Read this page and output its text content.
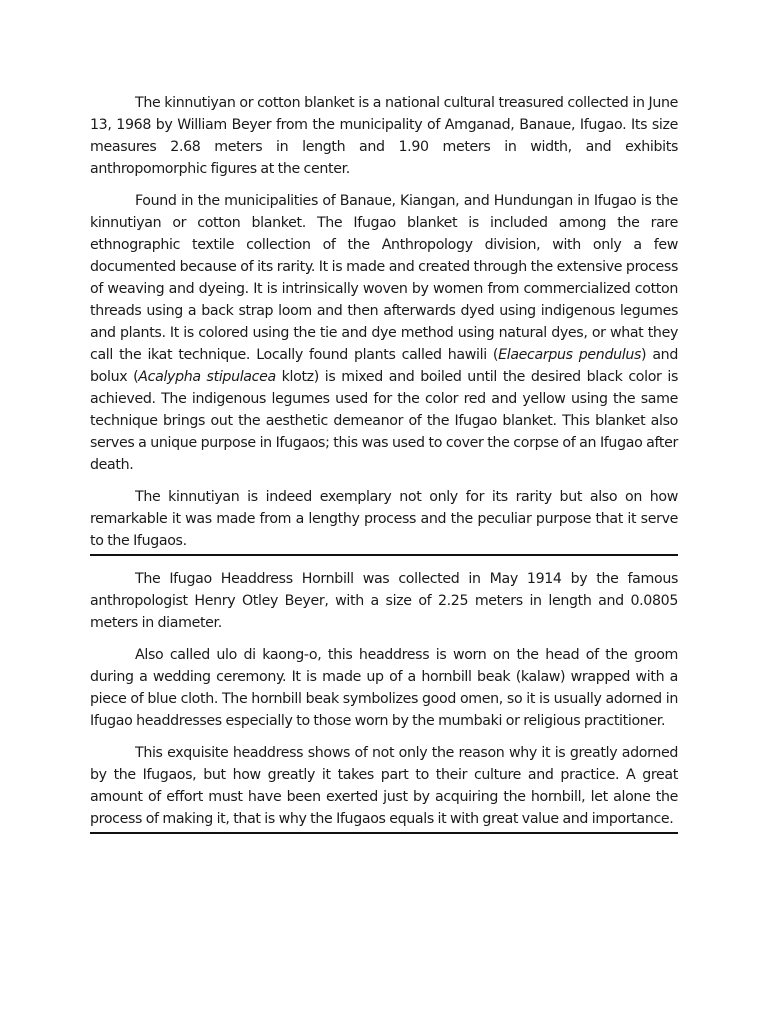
The kinnutiyan or cotton blanket is a national cultural treasured collected in June 13, 1968 by William Beyer from the municipality of Amganad, Banaue, Ifugao. Its size measures 2.68 meters in length and 1.90 meters in width, and exhibits anthropomorphic figures at the center.

Found in the municipalities of Banaue, Kiangan, and Hundungan in Ifugao is the kinnutiyan or cotton blanket. The Ifugao blanket is included among the rare ethnographic textile collection of the Anthropology division, with only a few documented because of its rarity. It is made and created through the extensive process of weaving and dyeing. It is intrinsically woven by women from commercialized cotton threads using a back strap loom and then afterwards dyed using indigenous legumes and plants. It is colored using the tie and dye method using natural dyes, or what they call the ikat technique. Locally found plants called hawili (Elaecarpus pendulus) and bolux (Acalypha stipulacea klotz) is mixed and boiled until the desired black color is achieved. The indigenous legumes used for the color red and yellow using the same technique brings out the aesthetic demeanor of the Ifugao blanket. This blanket also serves a unique purpose in Ifugaos; this was used to cover the corpse of an Ifugao after death.

The kinnutiyan is indeed exemplary not only for its rarity but also on how remarkable it was made from a lengthy process and the peculiar purpose that it serve to the Ifugaos.

The Ifugao Headdress Hornbill was collected in May 1914 by the famous anthropologist Henry Otley Beyer, with a size of 2.25 meters in length and 0.0805 meters in diameter.

Also called ulo di kaong-o, this headdress is worn on the head of the groom during a wedding ceremony. It is made up of a hornbill beak (kalaw) wrapped with a piece of blue cloth. The hornbill beak symbolizes good omen, so it is usually adorned in Ifugao headdresses especially to those worn by the mumbaki or religious practitioner.

This exquisite headdress shows of not only the reason why it is greatly adorned by the Ifugaos, but how greatly it takes part to their culture and practice. A great amount of effort must have been exerted just by acquiring the hornbill, let alone the process of making it, that is why the Ifugaos equals it with great value and importance.
